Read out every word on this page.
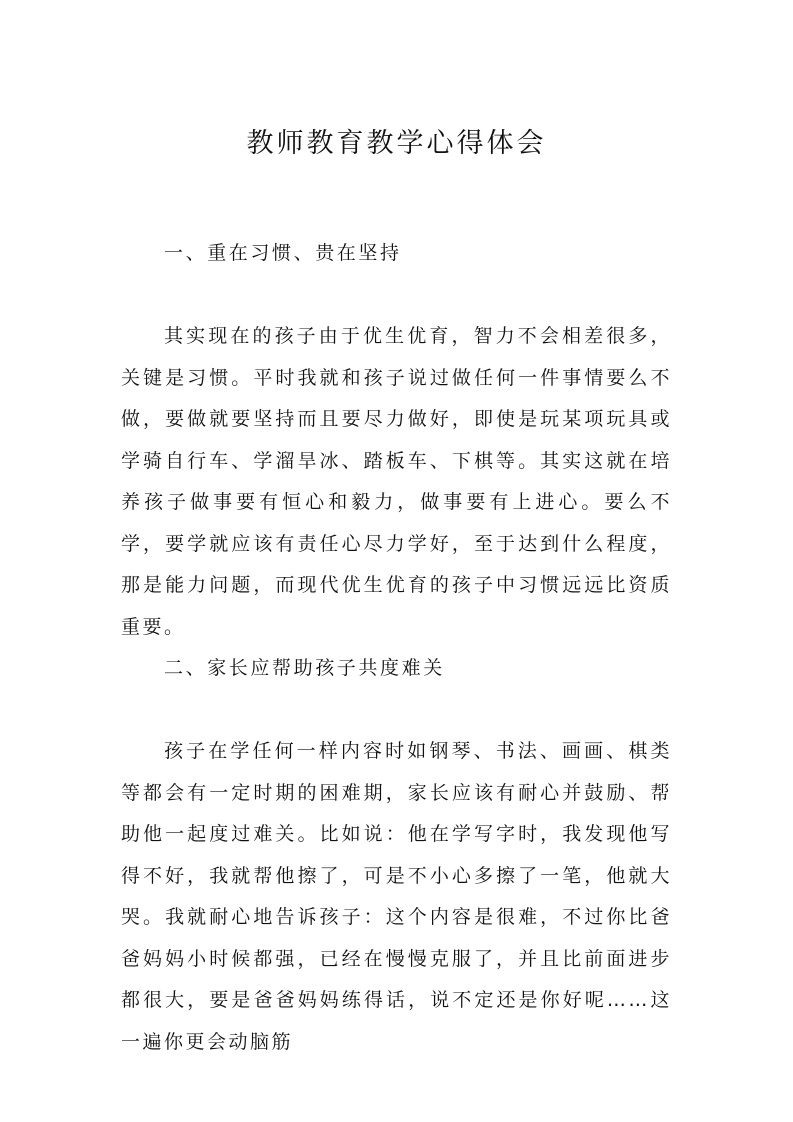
教师教育教学心得体会

一、重在习惯、贵在坚持

其实现在的孩子由于优生优育，智力不会相差很多，关键是习惯。平时我就和孩子说过做任何一件事情要么不做，要做就要坚持而且要尽力做好，即使是玩某项玩具或学骑自行车、学溜旱冰、踏板车、下棋等。其实这就在培养孩子做事要有恒心和毅力，做事要有上进心。要么不学，要学就应该有责任心尽力学好，至于达到什么程度，那是能力问题，而现代优生优育的孩子中习惯远远比资质重要。

二、家长应帮助孩子共度难关

孩子在学任何一样内容时如钢琴、书法、画画、棋类等都会有一定时期的困难期，家长应该有耐心并鼓励、帮助他一起度过难关。比如说：他在学写字时，我发现他写得不好，我就帮他擦了，可是不小心多擦了一笔，他就大哭。我就耐心地告诉孩子：这个内容是很难，不过你比爸爸妈妈小时候都强，已经在慢慢克服了，并且比前面进步都很大，要是爸爸妈妈练得话，说不定还是你好呢……这一遍你更会动脑筋
